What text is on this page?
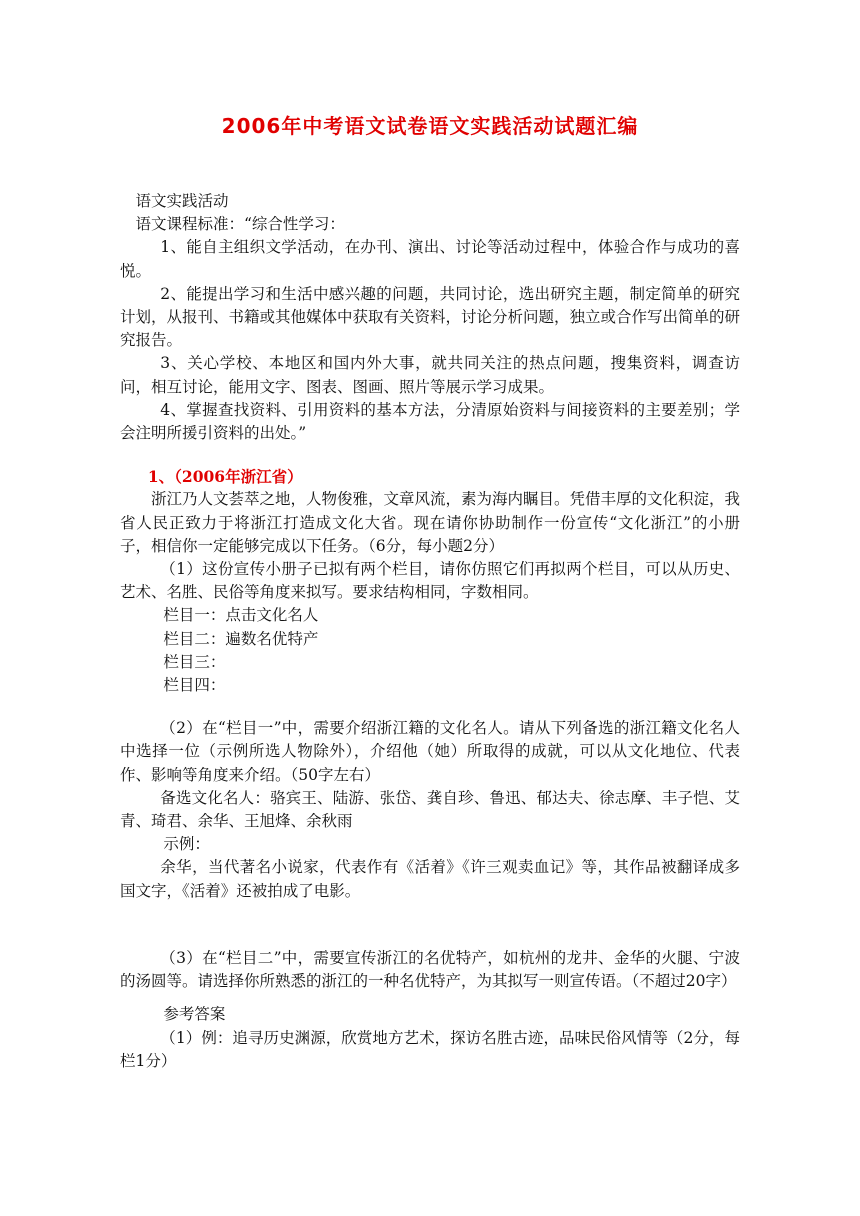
2006年中考语文试卷语文实践活动试题汇编

语文实践活动

语文课程标准：“综合性学习：

1、能自主组织文学活动，在办刊、演出、讨论等活动过程中，体验合作与成功的喜悦。

2、能提出学习和生活中感兴趣的问题，共同讨论，选出研究主题，制定简单的研究计划，从报刊、书籍或其他媒体中获取有关资料，讨论分析问题，独立或合作写出简单的研究报告。

3、关心学校、本地区和国内外大事，就共同关注的热点问题，搜集资料，调查访问，相互讨论，能用文字、图表、图画、照片等展示学习成果。

4、掌握查找资料、引用资料的基本方法，分清原始资料与间接资料的主要差别；学会注明所援引资料的出处。”

1、（2006年浙江省）

浙江乃人文荟萃之地，人物俊雅，文章风流，素为海内瞩目。凭借丰厚的文化积淀，我省人民正致力于将浙江打造成文化大省。现在请你协助制作一份宣传“文化浙江”的小册子，相信你一定能够完成以下任务。（6分，每小题2分）

（1）这份宣传小册子已拟有两个栏目，请你仿照它们再拟两个栏目，可以从历史、艺术、名胜、民俗等角度来拟写。要求结构相同，字数相同。

栏目一：点击文化名人

栏目二：遍数名优特产

栏目三：

栏目四：

（2）在“栏目一”中，需要介绍浙江籍的文化名人。请从下列备选的浙江籍文化名人中选择一位（示例所选人物除外），介绍他（她）所取得的成就，可以从文化地位、代表作、影响等角度来介绍。（50字左右）

备选文化名人：骆宾王、陆游、张岱、龚自珍、鲁迅、郁达夫、徐志摩、丰子恺、艾青、琦君、余华、王旭烽、余秋雨

示例：

余华，当代著名小说家，代表作有《活着》《许三观卖血记》等，其作品被翻译成多国文字，《活着》还被拍成了电影。

（3）在“栏目二”中，需要宣传浙江的名优特产，如杭州的龙井、金华的火腿、宁波的汤圆等。请选择你所熟悉的浙江的一种名优特产，为其拟写一则宣传语。（不超过20字）

参考答案

（1）例：追寻历史渊源，欣赏地方艺术，探访名胜古迹，品味民俗风情等（2分，每栏1分）
